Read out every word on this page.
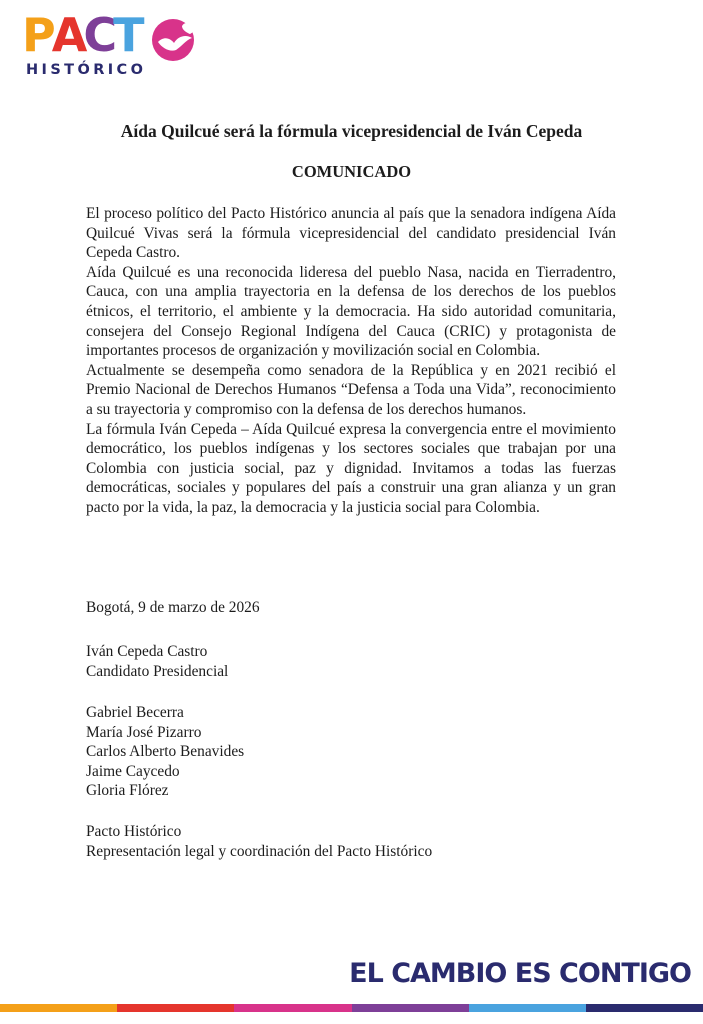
P A C T
HISTÓRICO
Aída Quilcué será la fórmula vicepresidencial de Iván Cepeda
COMUNICADO

El proceso político del Pacto Histórico anuncia al país que la senadora indígena Aída Quilcué Vivas será la fórmula vicepresidencial del candidato presidencial Iván Cepeda Castro.

Aída Quilcué es una reconocida lideresa del pueblo Nasa, nacida en Tierradentro, Cauca, con una amplia trayectoria en la defensa de los derechos de los pueblos étnicos, el territorio, el ambiente y la democracia. Ha sido autoridad comunitaria, consejera del Consejo Regional Indígena del Cauca (CRIC) y protagonista de importantes procesos de organización y movilización social en Colombia.

Actualmente se desempeña como senadora de la República y en 2021 recibió el Premio Nacional de Derechos Humanos “Defensa a Toda una Vida”, reconocimiento a su trayectoria y compromiso con la defensa de los derechos humanos.

La fórmula Iván Cepeda – Aída Quilcué expresa la convergencia entre el movimiento democrático, los pueblos indígenas y los sectores sociales que trabajan por una Colombia con justicia social, paz y dignidad. Invitamos a todas las fuerzas democráticas, sociales y populares del país a construir una gran alianza y un gran pacto por la vida, la paz, la democracia y la justicia social para Colombia.

Bogotá, 9 de marzo de 2026
Iván Cepeda Castro
Candidato Presidencial
Gabriel Becerra
María José Pizarro
Carlos Alberto Benavides
Jaime Caycedo
Gloria Flórez
Pacto Histórico
Representación legal y coordinación del Pacto Histórico
EL CAMBIO ES CONTIGO
